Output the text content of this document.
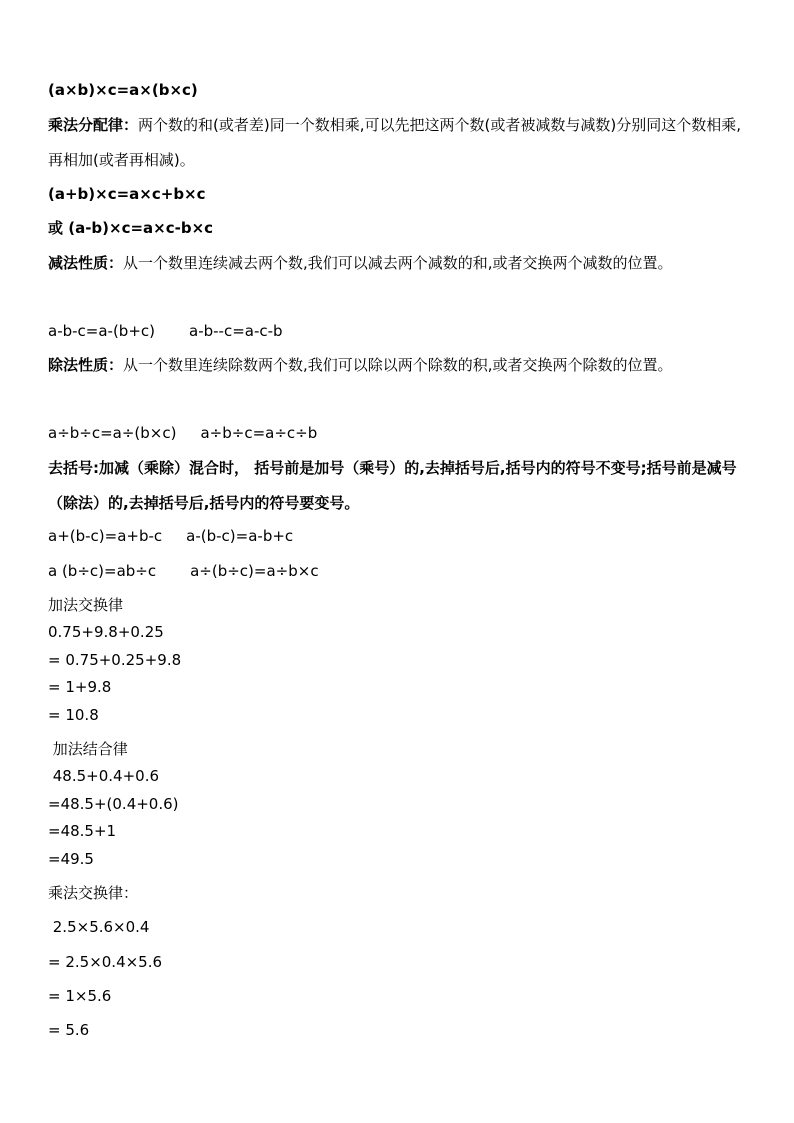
(a×b)×c=a×(b×c)
乘法分配律：两个数的和(或者差)同一个数相乘,可以先把这两个数(或者被减数与减数)分别同这个数相乘,再相加(或者再相减)。
(a+b)×c=a×c+b×c
或 (a-b)×c=a×c-b×c
减法性质：从一个数里连续减去两个数,我们可以减去两个减数的和,或者交换两个减数的位置。
a-b-c=a-(b+c) a-b--c=a-c-b
除法性质：从一个数里连续除数两个数,我们可以除以两个除数的积,或者交换两个除数的位置。
a÷b÷c=a÷(b×c) a÷b÷c=a÷c÷b
去括号:加减（乘除）混合时， 括号前是加号（乘号）的,去掉括号后,括号内的符号不变号;括号前是减号（除法）的,去掉括号后,括号内的符号要变号。
a+(b-c)=a+b-c a-(b-c)=a-b+c
a (b÷c)=ab÷c a÷(b÷c)=a÷b×c
加法交换律
0.75+9.8+0.25
= 0.75+0.25+9.8
= 1+9.8
= 10.8
加法结合律
48.5+0.4+0.6
=48.5+(0.4+0.6)
=48.5+1
=49.5
乘法交换律：
2.5×5.6×0.4
= 2.5×0.4×5.6
= 1×5.6
= 5.6
